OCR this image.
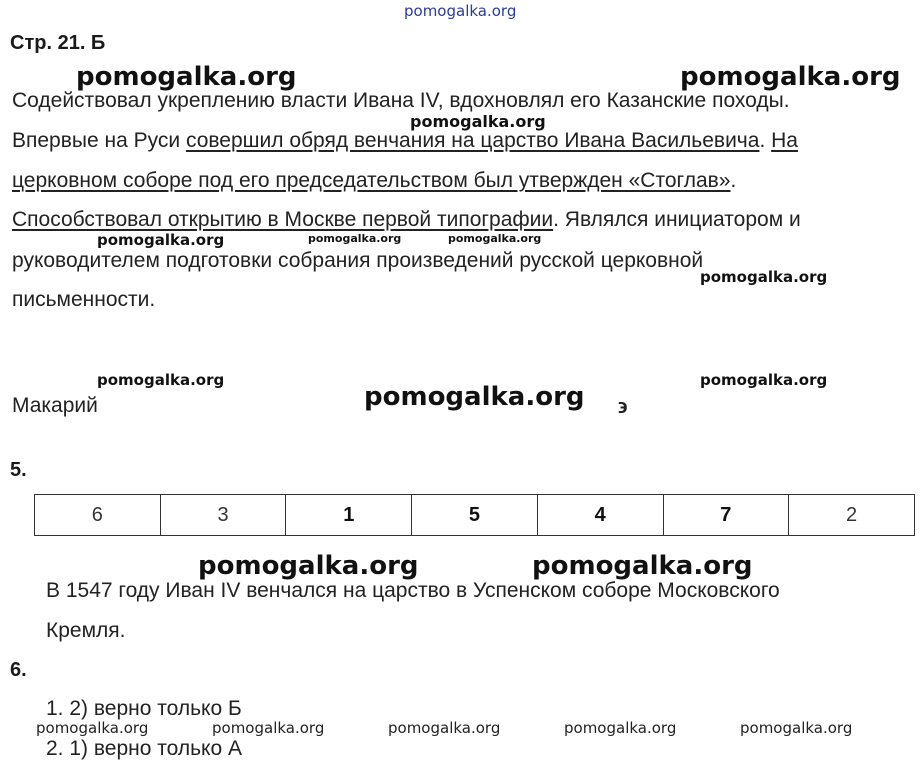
pomogalka.org
Стр. 21. Б
Содействовал укреплению власти Ивана IV, вдохновлял его Казанские походы.
Впервые на Руси совершил обряд венчания на царство Ивана Васильевича. На
церковном соборе под его председательством был утвержден «Стоглав».
Способствовал открытию в Москве первой типографии. Являлся инициатором и
руководителем подготовки собрания произведений русской церковной
письменности.
Макарий	϶
5.
6	3	1	5	4	7	2
В 1547 году Иван IV венчался на царство в Успенском соборе Московского
Кремля.
6.
1. 2) верно только Б
2. 1) верно только А
pomogalka.org	pomogalka.org
pomogalka.org
pomogalka.org	pomogalka.org	pomogalka.org
pomogalka.org
pomogalka.org	pomogalka.org
pomogalka.org
pomogalka.org	pomogalka.org
pomogalka.org	pomogalka.org	pomogalka.org	pomogalka.org	pomogalka.org
